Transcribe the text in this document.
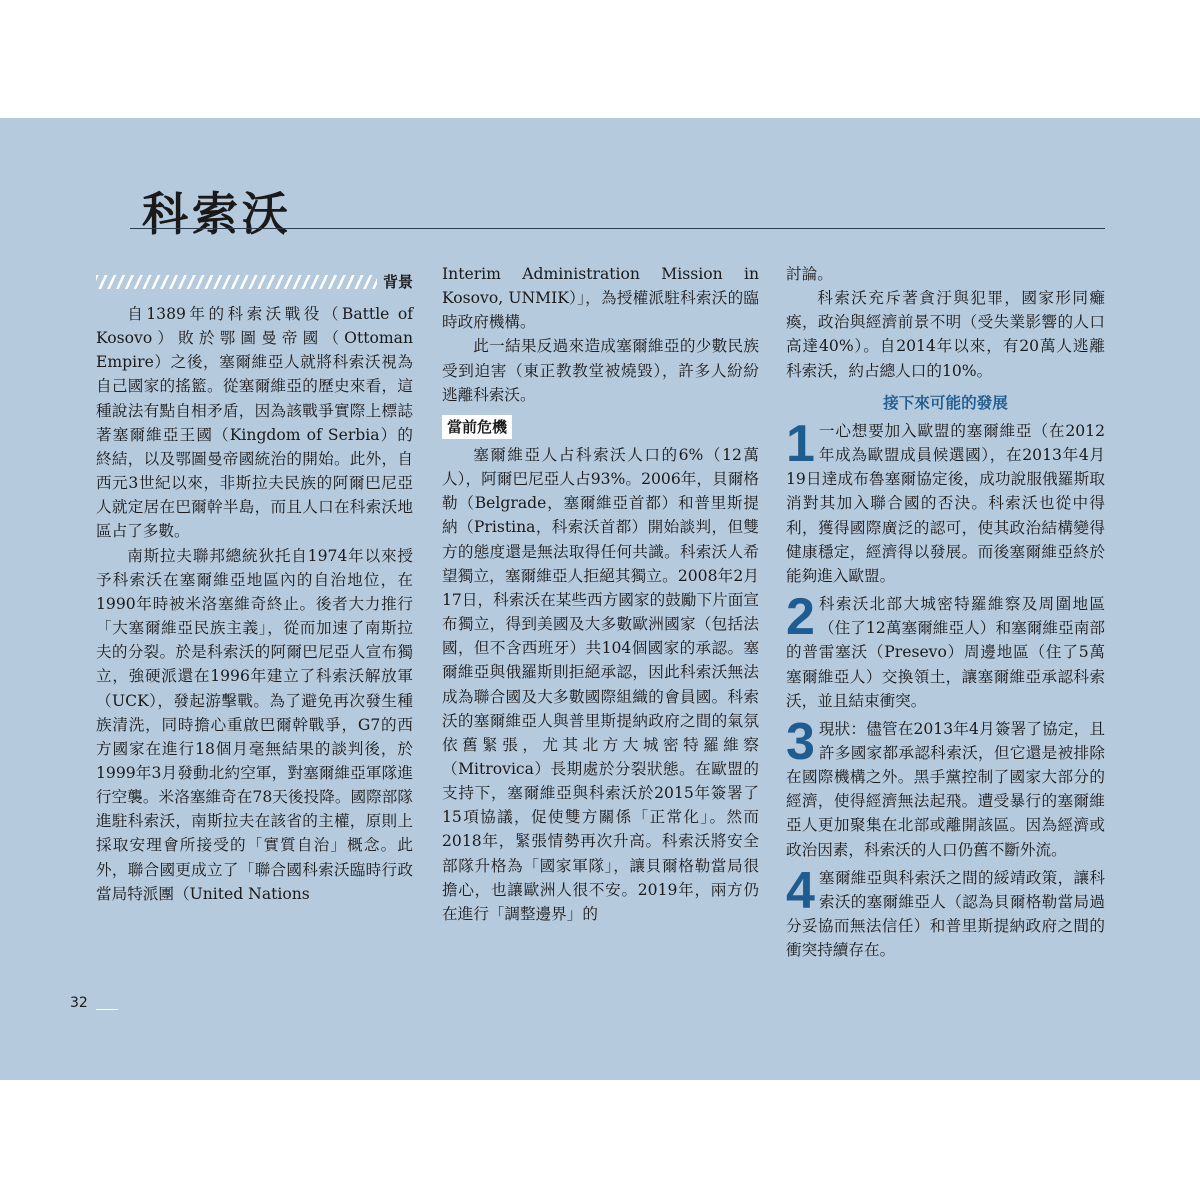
科索沃
背景

自1389年的科索沃戰役（Battle of Kosovo）敗於鄂圖曼帝國（Ottoman Empire）之後，塞爾維亞人就將科索沃視為自己國家的搖籃。從塞爾維亞的歷史來看，這種說法有點自相矛盾，因為該戰爭實際上標誌著塞爾維亞王國（Kingdom of Serbia）的終結，以及鄂圖曼帝國統治的開始。此外，自西元3世紀以來，非斯拉夫民族的阿爾巴尼亞人就定居在巴爾幹半島，而且人口在科索沃地區占了多數。

南斯拉夫聯邦總統狄托自1974年以來授予科索沃在塞爾維亞地區內的自治地位，在1990年時被米洛塞維奇終止。後者大力推行「大塞爾維亞民族主義」，從而加速了南斯拉夫的分裂。於是科索沃的阿爾巴尼亞人宣布獨立，強硬派還在1996年建立了科索沃解放軍（UCK），發起游擊戰。為了避免再次發生種族清洗，同時擔心重啟巴爾幹戰爭，G7的西方國家在進行18個月毫無結果的談判後，於1999年3月發動北約空軍，對塞爾維亞軍隊進行空襲。米洛塞維奇在78天後投降。國際部隊進駐科索沃，南斯拉夫在該省的主權，原則上採取安理會所接受的「實質自治」概念。此外，聯合國更成立了「聯合國科索沃臨時行政當局特派團（United Nations

Interim Administration Mission in Kosovo, UNMIK）」，為授權派駐科索沃的臨時政府機構。

此一結果反過來造成塞爾維亞的少數民族受到迫害（東正教教堂被燒毀），許多人紛紛逃離科索沃。

當前危機

塞爾維亞人占科索沃人口的6%（12萬人），阿爾巴尼亞人占93%。2006年，貝爾格勒（Belgrade，塞爾維亞首都）和普里斯提納（Pristina，科索沃首都）開始談判，但雙方的態度還是無法取得任何共識。科索沃人希望獨立，塞爾維亞人拒絕其獨立。2008年2月17日，科索沃在某些西方國家的鼓勵下片面宣布獨立，得到美國及大多數歐洲國家（包括法國，但不含西班牙）共104個國家的承認。塞爾維亞與俄羅斯則拒絕承認，因此科索沃無法成為聯合國及大多數國際組織的會員國。科索沃的塞爾維亞人與普里斯提納政府之間的氣氛依舊緊張，尤其北方大城密特羅維察（Mitrovica）長期處於分裂狀態。在歐盟的支持下，塞爾維亞與科索沃於2015年簽署了15項協議，促使雙方關係「正常化」。然而2018年，緊張情勢再次升高。科索沃將安全部隊升格為「國家軍隊」，讓貝爾格勒當局很擔心，也讓歐洲人很不安。2019年，兩方仍在進行「調整邊界」的

討論。

科索沃充斥著貪汙與犯罪，國家形同癱瘓，政治與經濟前景不明（受失業影響的人口高達40%）。自2014年以來，有20萬人逃離科索沃，約占總人口的10%。

接下來可能的發展
1 一心想要加入歐盟的塞爾維亞（在2012年成為歐盟成員候選國），在2013年4月19日達成布魯塞爾協定後，成功說服俄羅斯取消對其加入聯合國的否決。科索沃也從中得利，獲得國際廣泛的認可，使其政治結構變得健康穩定，經濟得以發展。而後塞爾維亞終於能夠進入歐盟。
2 科索沃北部大城密特羅維察及周圍地區（住了12萬塞爾維亞人）和塞爾維亞南部的普雷塞沃（Presevo）周邊地區（住了5萬塞爾維亞人）交換領土，讓塞爾維亞承認科索沃，並且結束衝突。
3 現狀：儘管在2013年4月簽署了協定，且許多國家都承認科索沃，但它還是被排除在國際機構之外。黑手黨控制了國家大部分的經濟，使得經濟無法起飛。遭受暴行的塞爾維亞人更加聚集在北部或離開該區。因為經濟或政治因素，科索沃的人口仍舊不斷外流。
4 塞爾維亞與科索沃之間的綏靖政策，讓科索沃的塞爾維亞人（認為貝爾格勒當局過分妥協而無法信任）和普里斯提納政府之間的衝突持續存在。
32
